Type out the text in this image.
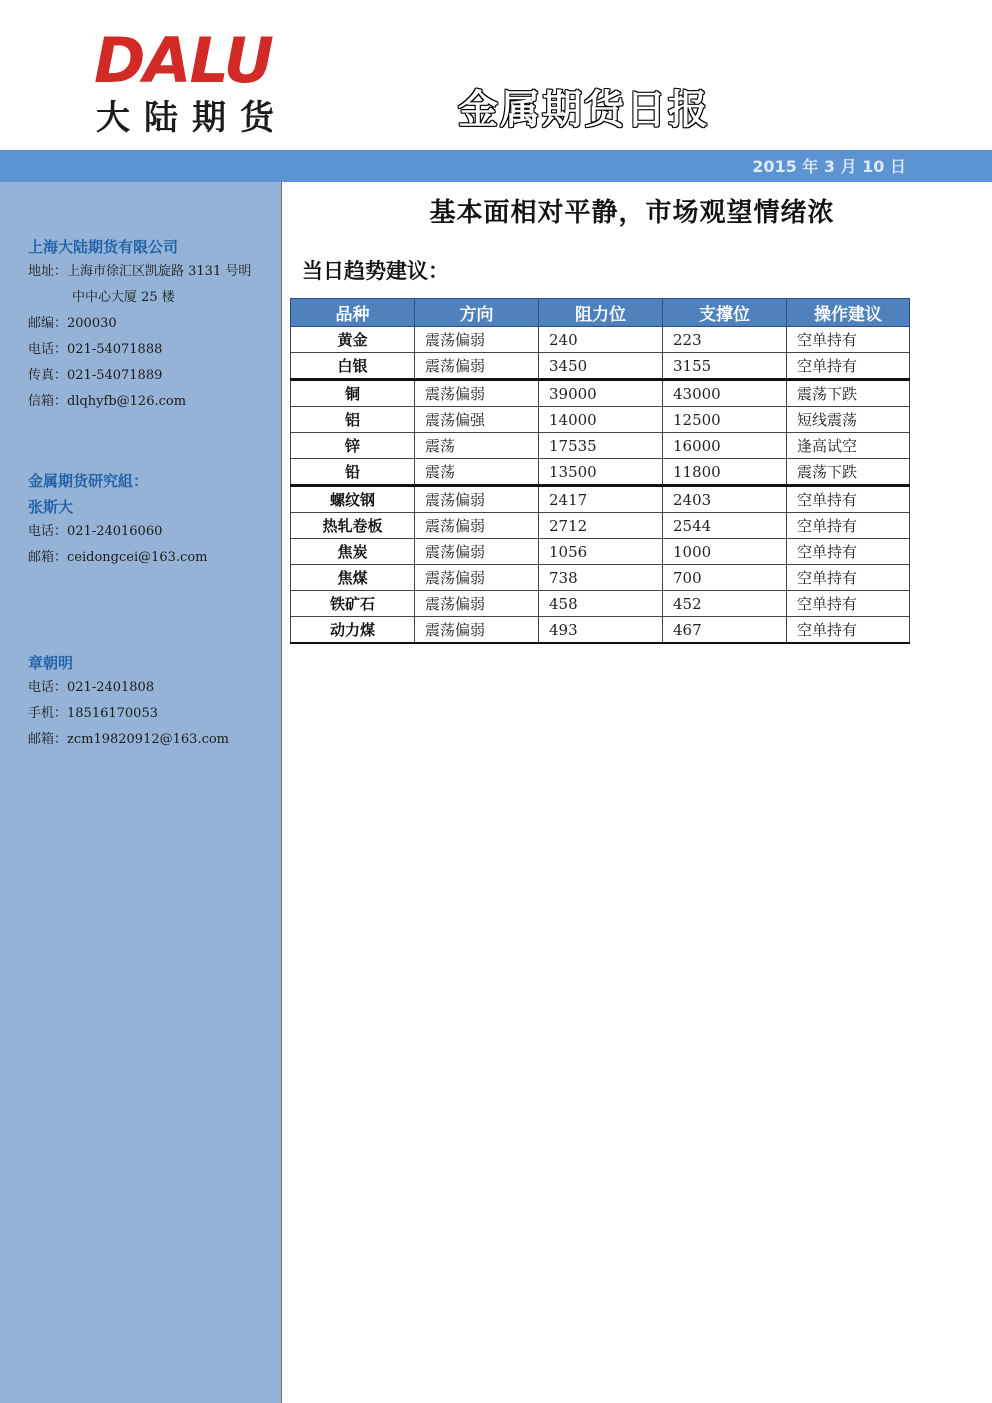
DALU
大陆期货	金属期货日报
2015 年 3 月 10 日
上海大陆期货有限公司
地址：上海市徐汇区凯旋路 3131 号明
中中心大厦 25 楼
邮编：200030
电话：021-54071888
传真：021-54071889
信箱：dlqhyfb@126.com
金属期货研究組：
张斯大
电话：021-24016060
邮箱：ceidongcei@163.com
章朝明
电话：021-2401808
手机：18516170053
邮箱：zcm19820912@163.com
基本面相对平静，市场观望情绪浓
当日趋势建议：
品种	方向	阻力位	支撑位	操作建议
黄金	震荡偏弱	240	223	空单持有
白银	震荡偏弱	3450	3155	空单持有
铜	震荡偏弱	39000	43000	震荡下跌
铝	震荡偏强	14000	12500	短线震荡
锌	震荡	17535	16000	逢高试空
铅	震荡	13500	11800	震荡下跌
螺纹钢	震荡偏弱	2417	2403	空单持有
热轧卷板	震荡偏弱	2712	2544	空单持有
焦炭	震荡偏弱	1056	1000	空单持有
焦煤	震荡偏弱	738	700	空单持有
铁矿石	震荡偏弱	458	452	空单持有
动力煤	震荡偏弱	493	467	空单持有
